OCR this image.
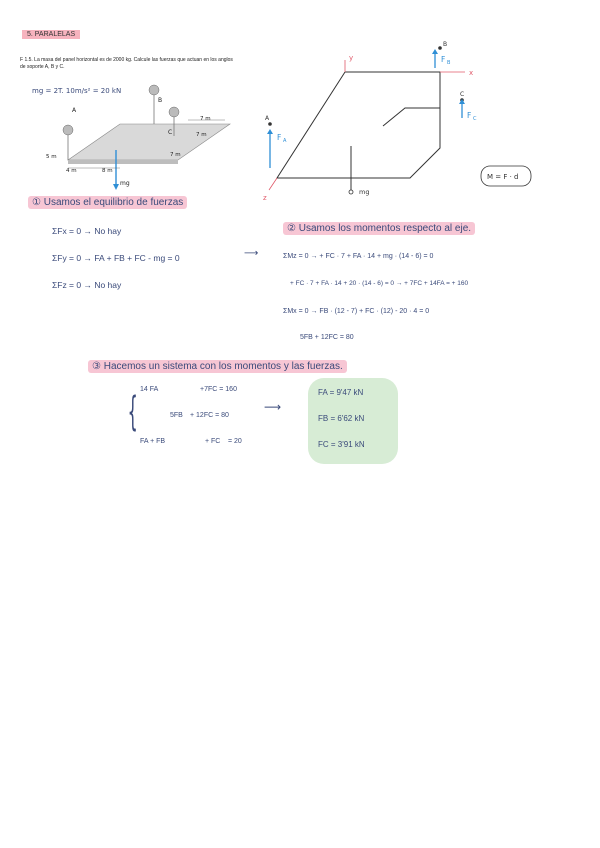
5. PARALELAS
F 1.5. La masa del panel horizontal es de 2000 kg. Calcule las fuerzas que actuan en los anglos de soporte A, B y C.
mg = 2T. 10m/s² = 20 kN
A
B
C
5 m
4 m	8 m
7 m
7 m
7 m
mg
y
x
z
B
F B
C
F C
A
F A
mg
M = F · d
① Usamos el equilibrio de fuerzas
ΣFx = 0 → No hay
ΣFy = 0 → FA + FB + FC - mg = 0
ΣFz = 0 → No hay
⟶
② Usamos los momentos respecto al eje.
ΣMz = 0 → + FC · 7 + FA · 14 + mg · (14 - 6) = 0
+ FC · 7 + FA · 14 + 20 · (14 - 6) = 0 → + 7FC + 14FA = + 160
ΣMx = 0 → FB · (12 - 7) + FC · (12) - 20 · 4 = 0
5FB + 12FC = 80
③ Hacemos un sistema con los momentos y las fuerzas.
{ 14 FA	+7FC = 160
5FB + 12FC = 80
FA + FB	+ FC = 20
⟶
FA = 9'47 kN
FB = 6'62 kN
FC = 3'91 kN
